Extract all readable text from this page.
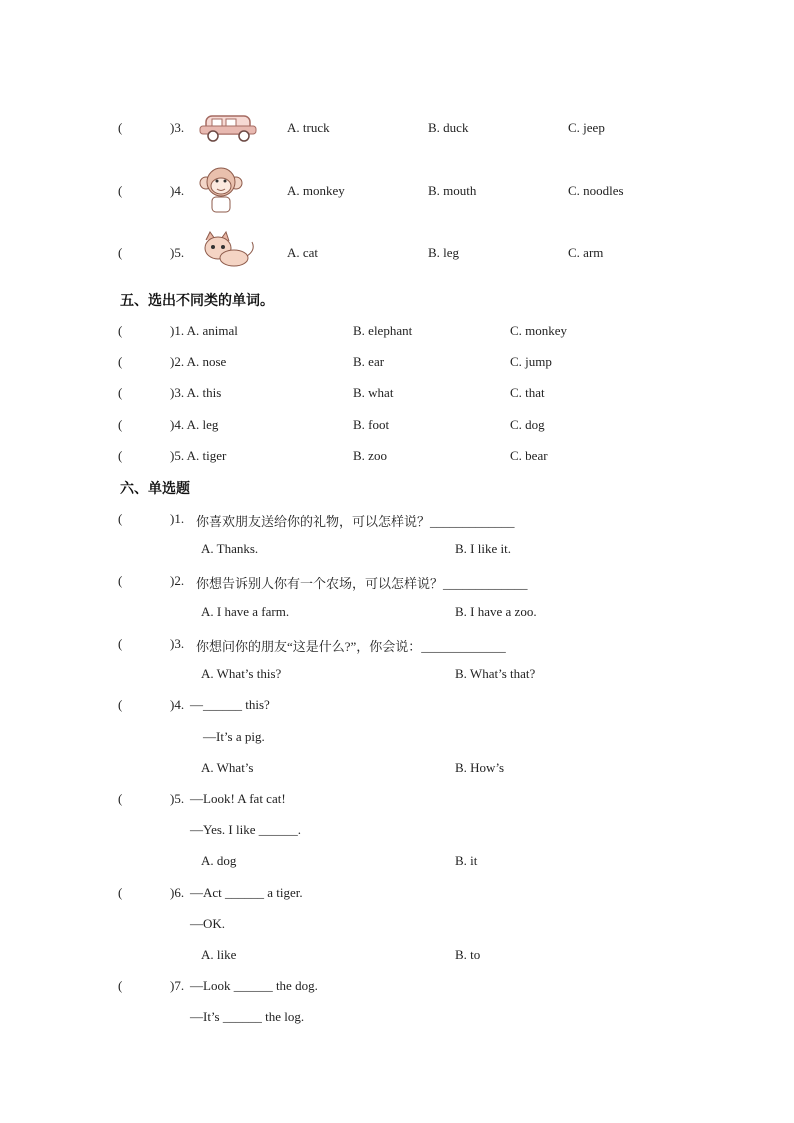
(	)3.	A. truck	B. duck	C. jeep
(	)4.	A. monkey	B. mouth	C. noodles
(	)5.	A. cat	B. leg	C. arm
五、选出不同类的单词。
(	)1. A. animal	B. elephant	C. monkey
(	)2. A. nose	B. ear	C. jump
(	)3. A. this	B. what	C. that
(	)4. A. leg	B. foot	C. dog
(	)5. A. tiger	B. zoo	C. bear
六、单选题
(	)1. 你喜欢朋友送给你的礼物，可以怎样说？_____________
A. Thanks.	B. I like it.
(	)2. 你想告诉别人你有一个农场，可以怎样说？_____________
A. I have a farm.	B. I have a zoo.
(	)3. 你想问你的朋友“这是什么?”，你会说：_____________
A. What’s this?	B. What’s that?
(	)4. —______ this?
—It’s a pig.
A. What’s	B. How’s
(	)5. —Look! A fat cat!
—Yes. I like ______.
A. dog	B. it
(	)6. —Act ______ a tiger.
—OK.
A. like	B. to
(	)7. —Look ______ the dog.
—It’s ______ the log.
